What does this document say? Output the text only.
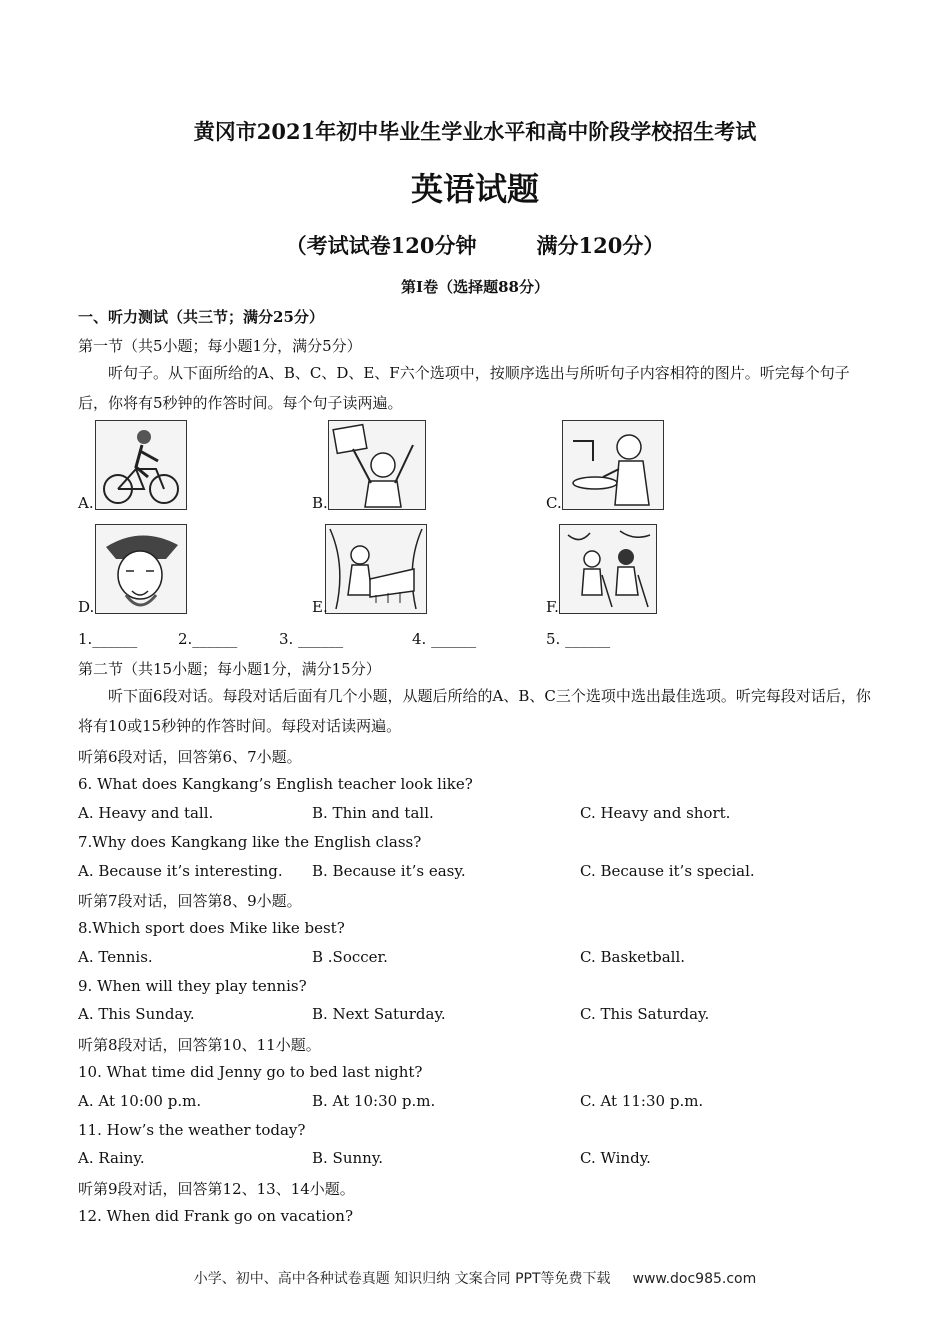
黄冈市2021年初中毕业生学业水平和高中阶段学校招生考试
英语试题
（考试试卷120分钟	满分120分）
第I卷（选择题88分）
一、听力测试（共三节；满分25分）
第一节（共5小题；每小题1分，满分5分）
听句子。从下面所给的A、B、C、D、E、F六个选项中，按顺序选出与所听句子内容相符的图片。听完每个句子后，你将有5秒钟的作答时间。每个句子读两遍。
A.	B.	C.
D.	E.	F.
1.______	2.______	3. ______	4. ______	5. ______
第二节（共15小题；每小题1分，满分15分）
听下面6段对话。每段对话后面有几个小题，从题后所给的A、B、C三个选项中选出最佳选项。听完每段对话后，你将有10或15秒钟的作答时间。每段对话读两遍。
听第6段对话，回答第6、7小题。
6. What does Kangkang’s English teacher look like?
A. Heavy and tall.	B. Thin and tall.	C. Heavy and short.
7.Why does Kangkang like the English class?
A. Because it’s interesting. B. Because it’s easy.	C. Because it’s special.
听第7段对话，回答第8、9小题。
8.Which sport does Mike like best?
A. Tennis.	B .Soccer.	C. Basketball.
9. When will they play tennis?
A. This Sunday.	B. Next Saturday.	C. This Saturday.
听第8段对话，回答第10、11小题。
10. What time did Jenny go to bed last night?
A. At 10:00 p.m.	B. At 10:30 p.m.	C. At 11:30 p.m.
11. How’s the weather today?
A. Rainy.	B. Sunny.	C. Windy.
听第9段对话，回答第12、13、14小题。
12. When did Frank go on vacation?
小学、初中、高中各种试卷真题 知识归纳 文案合同 PPT等免费下载 www.doc985.com
